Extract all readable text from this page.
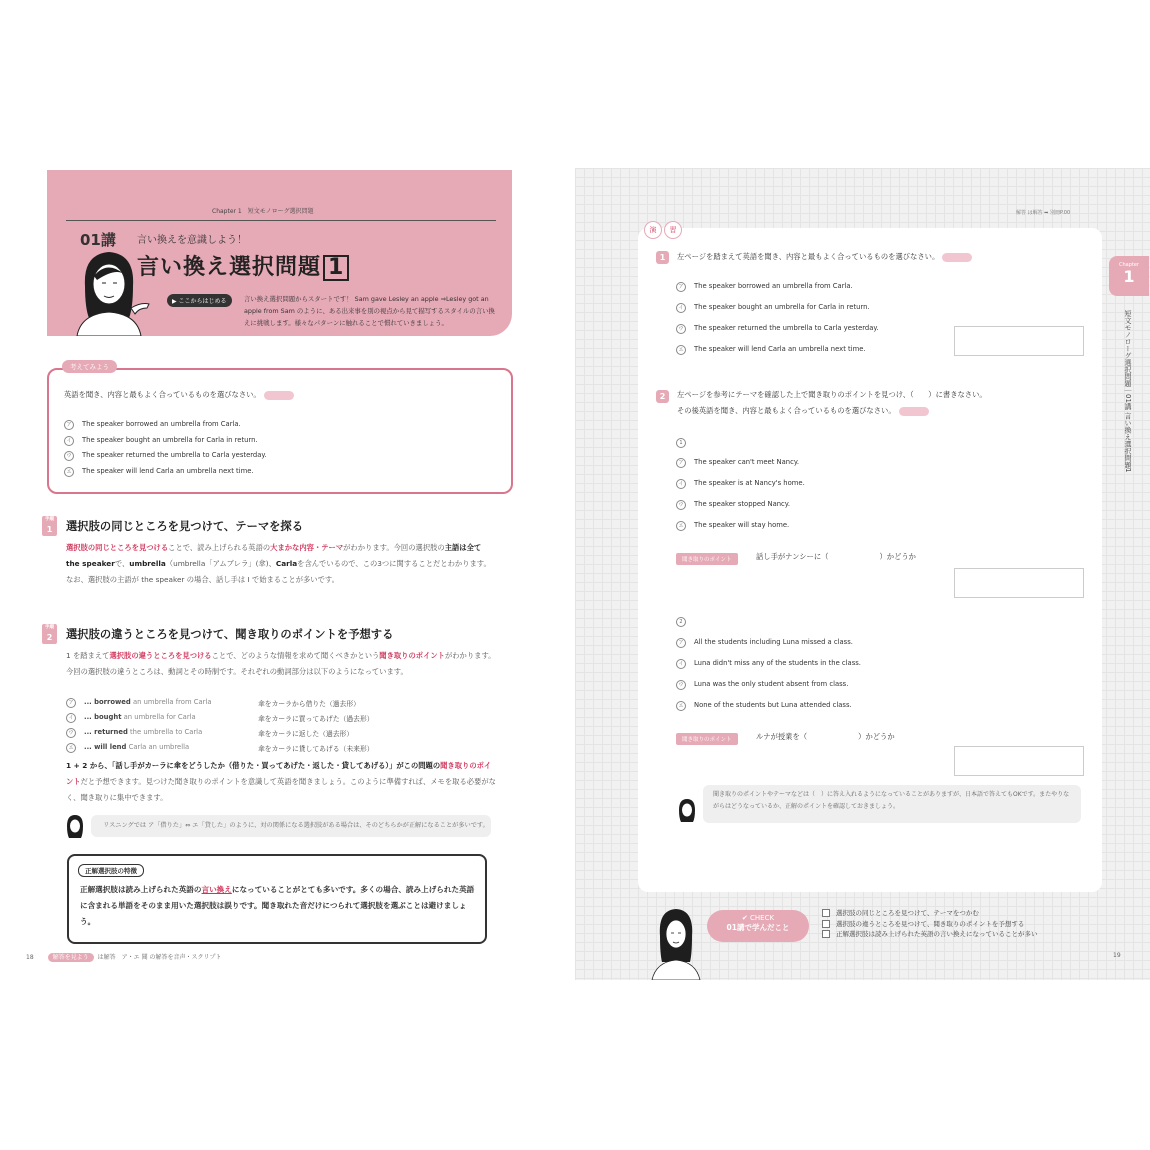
Chapter 1　短文モノローグ選択問題
01講 言い換えを意識しよう！
言い換え選択問題 1
▶ ここからはじめる	言い換え選択問題からスタートです！ Sam gave Lesley an apple ⇒Lesley got an apple from Sam のように、ある出来事を別の視点から見て描写するスタイルの言い換えに挑戦します。様々なパターンに触れることで慣れていきましょう。
考えてみよう
英語を聞き、内容と最もよく合っているものを選びなさい。
ア The speaker borrowed an umbrella from Carla.
イ The speaker bought an umbrella for Carla in return.
ウ The speaker returned the umbrella to Carla yesterday.
エ The speaker will lend Carla an umbrella next time.
手順
1	選択肢の同じところを見つけて、テーマを探る
選択肢の同じところを見つけることで、読み上げられる英語の大まかな内容・テーマがわかります。今回の選択肢の主語は全て the speakerで、umbrella（umbrella「アムブレラ」(傘)、Carlaを含んでいるので、この3つに関することだとわかります。なお、選択肢の主語が the speaker の場合、話し手は I で始まることが多いです。
手順
2	選択肢の違うところを見つけて、聞き取りのポイントを予想する
1 を踏まえて選択肢の違うところを見つけることで、どのような情報を求めて聞くべきかという聞き取りのポイントがわかります。今回の選択肢の違うところは、動詞とその時制です。それぞれの動詞部分は以下のようになっています。
ア ... borrowed an umbrella from Carla	傘をカーラから借りた（過去形）
イ ... bought an umbrella for Carla	傘をカーラに買ってあげた（過去形）
ウ ... returned the umbrella to Carla	傘をカーラに返した（過去形）
エ ... will lend Carla an umbrella	傘をカーラに貸してあげる（未来形）
1 + 2 から、「話し手がカーラに傘をどうしたか（借りた・買ってあげた・返した・貸してあげる）」がこの問題の聞き取りのポイントだと予想できます。見つけた聞き取りのポイントを意識して英語を聞きましょう。このように準備すれば、メモを取る必要がなく、聞き取りに集中できます。
リスニングでは ア「借りた」⇔ エ「貸した」のように、対の関係になる選択肢がある場合は、そのどちらかが正解になることが多いです。
正解選択肢の特徴
正解選択肢は読み上げられた英語の言い換えになっていることがとても多いです。多くの場合、読み上げられた英語に含まれる単語をそのまま用いた選択肢は誤りです。聞き取れた音だけにつられて選択肢を選ぶことは避けましょう。
18	解答を見よう は解答　ア・エ 聞 の解答を音声・スクリプト
解答 は解答 ➡ 別冊P.00
演 習
Chapter
1
短文モノローグ選択問題｜01講 言い換え選択問題1
1	左ページを踏まえて英語を聞き、内容と最もよく合っているものを選びなさい。
ア The speaker borrowed an umbrella from Carla.
イ The speaker bought an umbrella for Carla in return.
ウ The speaker returned the umbrella to Carla yesterday.
エ The speaker will lend Carla an umbrella next time.
2	左ページを参考にテーマを確認した上で聞き取りのポイントを見つけ、（　　）に書きなさい。
その後英語を聞き、内容と最もよく合っているものを選びなさい。
1
ア The speaker can't meet Nancy.
イ The speaker is at Nancy's home.
ウ The speaker stopped Nancy.
エ The speaker will stay home.
聞き取りのポイント	話し手がナンシーに（　　　　　　　）かどうか
2
ア All the students including Luna missed a class.
イ Luna didn't miss any of the students in the class.
ウ Luna was the only student absent from class.
エ None of the students but Luna attended class.
聞き取りのポイント	ルナが授業を（　　　　　　　）かどうか
聞き取りのポイントやテーマなどは（　）に答え入れるようになっていることがありますが、日本語で答えてもOKです。またやりながらはどうなっているか、正解のポイントを確認しておきましょう。
✔ CHECK
01講で学んだこと
選択肢の同じところを見つけて、テーマをつかむ
選択肢の違うところを見つけて、聞き取りのポイントを予想する
正解選択肢は読み上げられた英語の言い換えになっていることが多い
19
